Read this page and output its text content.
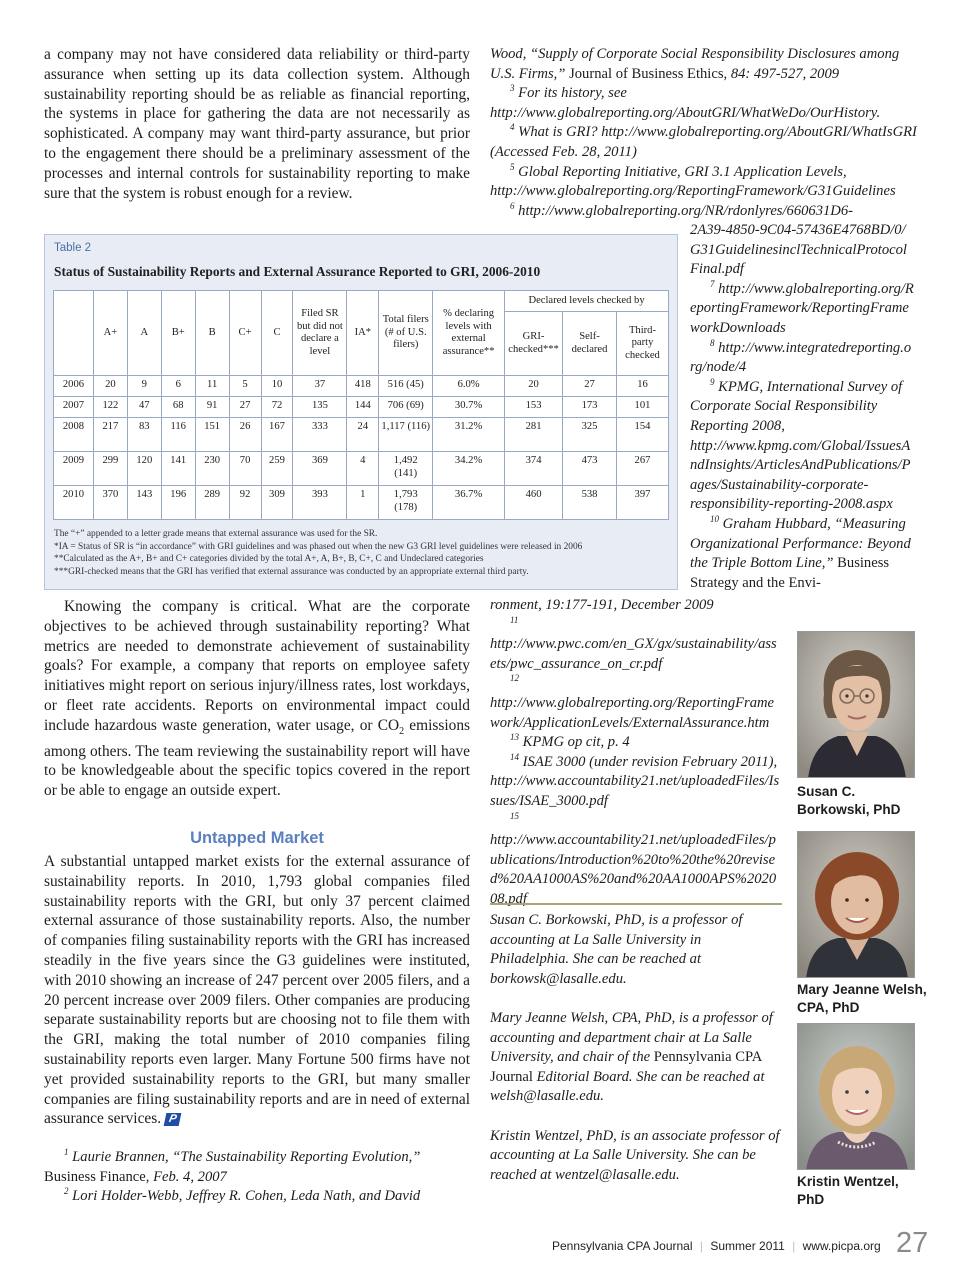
a company may not have considered data reliability or third-party assurance when setting up its data collection system. Although sustainability reporting should be as reliable as financial reporting, the systems in place for gathering the data are not necessarily as sophisticated. A company may want third-party assurance, but prior to the engagement there should be a preliminary assessment of the processes and internal controls for sustainability reporting to make sure that the system is robust enough for a review.

Table 2
Status of Sustainability Reports and External Assurance Reported to GRI, 2006-2010
	A+	A	B+	B	C+	C	Filed SR but did not declare a level	IA*	Total filers (# of U.S. filers)	% declaring levels with external assurance**	Declared levels checked by		
											GRI-checked***	Self-declared	Third-party checked
2006	20	9	6	11	5	10	37	418	516 (45)	6.0%	20	27	16
2007	122	47	68	91	27	72	135	144	706 (69)	30.7%	153	173	101
2008	217	83	116	151	26	167	333	24	1,117 (116)	31.2%	281	325	154
2009	299	120	141	230	70	259	369	4	1,492 (141)	34.2%	374	473	267
2010	370	143	196	289	92	309	393	1	1,793 (178)	36.7%	460	538	397

The “+” appended to a letter grade means that external assurance was used for the SR.

*IA = Status of SR is “in accordance” with GRI guidelines and was phased out when the new G3 GRI level guidelines were released in 2006

**Calculated as the A+, B+ and C+ categories divided by the total A+, A, B+, B, C+, C and Undeclared categories

***GRI-checked means that the GRI has verified that external assurance was conducted by an appropriate external third party.

Knowing the company is critical. What are the corporate objectives to be achieved through sustainability reporting? What metrics are needed to demonstrate achievement of sustainability goals? For example, a company that reports on employee safety initiatives might report on serious injury/illness rates, lost workdays, or fleet rate accidents. Reports on environmental impact could include hazardous waste generation, water usage, or $CO_2$ emissions among others. The team reviewing the sustainability report will have to be knowledgeable about the specific topics covered in the report or be able to engage an outside expert.

Untapped Market

A substantial untapped market exists for the external assurance of sustainability reports. In 2010, 1,793 global companies filed sustainability reports with the GRI, but only 37 percent claimed external assurance of those sustainability reports. Also, the number of companies filing sustainability reports with the GRI has increased steadily in the five years since the G3 guidelines were instituted, with 2010 showing an increase of 247 percent over 2005 filers, and a 20 percent increase over 2009 filers. Other companies are producing separate sustainability reports but are choosing not to file them with the GRI, making the total number of 2010 companies filing sustainability reports even larger. Many Fortune 500 firms have not yet provided sustainability reports to the GRI, but many smaller companies are filing sustainability reports and are in need of external assurance services. P

$^1$ Laurie Brannen, “The Sustainability Reporting Evolution,”
Business Finance, Feb. 4, 2007

$^2$ Lori Holder-Webb, Jeffrey R. Cohen, Leda Nath, and David

Wood, “Supply of Corporate Social Responsibility Disclosures among U.S. Firms,” Journal of Business Ethics, 84: 497-527, 2009

$^3$ For its history, see http://www.globalreporting.org/AboutGRI/WhatWeDo/OurHistory.

$^4$ What is GRI? http://www.globalreporting.org/AboutGRI/WhatIsGRI (Accessed Feb. 28, 2011)

$^5$ Global Reporting Initiative, GRI 3.1 Application Levels, http://www.globalreporting.org/ReportingFramework/G31Guidelines

$^6$ http://www.globalreporting.org/NR/rdonlyres/660631D6-

2A39-4850-9C04-57436E4768BD/0/G31GuidelinesinclTechnicalProtocolFinal.pdf

$^7$ http://www.globalreporting.org/ReportingFramework/ReportingFrameworkDownloads

$^8$ http://www.integratedreporting.org/node/4

$^9$ KPMG, International Survey of Corporate Social Responsibility Reporting 2008, http://www.kpmg.com/Global/IssuesAndInsights/ArticlesAndPublications/Pages/Sustainability-corporate-responsibility-reporting-2008.aspx

$^{10}$ Graham Hubbard, “Measuring Organizational Performance: Beyond the Triple Bottom Line,” Business Strategy and the Envi-

ronment, 19:177-191, December 2009

$^{11}$ http://www.pwc.com/en_GX/gx/sustainability/assets/pwc_assurance_on_cr.pdf

$^{12}$ http://www.globalreporting.org/ReportingFramework/ApplicationLevels/ExternalAssurance.htm

$^{13}$ KPMG op cit, p. 4

$^{14}$ ISAE 3000 (under revision February 2011), http://www.accountability21.net/uploadedFiles/Issues/ISAE_3000.pdf

$^{15}$ http://www.accountability21.net/uploadedFiles/publications/Introduction%20to%20the%20revised%20AA1000AS%20and%20AA1000APS%202008.pdf

Susan C. Borkowski, PhD, is a professor of accounting at La Salle University in Philadelphia. She can be reached at borkowsk@lasalle.edu.

Mary Jeanne Welsh, CPA, PhD, is a professor of accounting and department chair at La Salle University, and chair of the Pennsylvania CPA Journal Editorial Board. She can be reached at welsh@lasalle.edu.

Kristin Wentzel, PhD, is an associate professor of accounting at La Salle University. She can be reached at wentzel@lasalle.edu.

Susan C. Borkowski, PhD
Mary Jeanne Welsh, CPA, PhD
Kristin Wentzel, PhD
Pennsylvania CPA Journal | Summer 2011 | www.picpa.org 27
